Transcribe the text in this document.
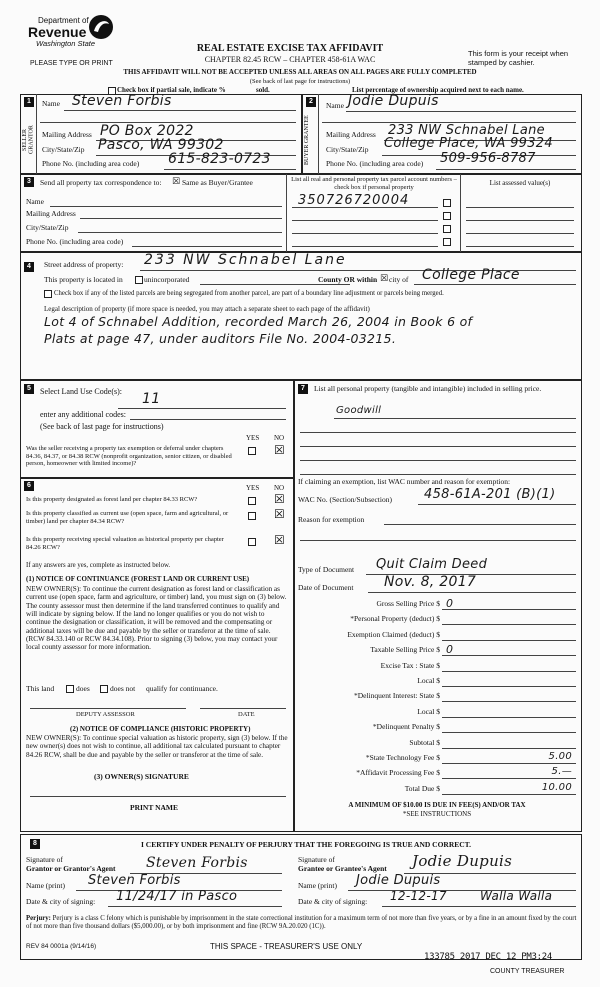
Department of
Revenue
Washington State
PLEASE TYPE OR PRINT
REAL ESTATE EXCISE TAX AFFIDAVIT
CHAPTER 82.45 RCW – CHAPTER 458-61A WAC
This form is your receipt when stamped by cashier.
THIS AFFIDAVIT WILL NOT BE ACCEPTED UNLESS ALL AREAS ON ALL PAGES ARE FULLY COMPLETED
(See back of last page for instructions)
Check box if partial sale, indicate %	sold.	List percentage of ownership acquired next to each name.
1
SELLER GRANTOR
Name Steven Forbis
Mailing Address PO Box 2022
City/State/Zip Pasco, WA 99302
Phone No. (including area code) 615-823-0723
2
BUYER GRANTEE
Name Jodie Dupuis
Mailing Address 233 NW Schnabel Lane
City/State/Zip College Place, WA 99324
Phone No. (including area code) 509-956-8787
3	Send all property tax correspondence to: ☒ Same as Buyer/Grantee
Name
Mailing Address
City/State/Zip
Phone No. (including area code)
List all real and personal property tax parcel account numbers – check box if personal property
List assessed value(s)
350726720004
4	Street address of property: 233 NW Schnabel Lane
This property is located in	unincorporated	County OR within ☒ city of College Place
Check box if any of the listed parcels are being segregated from another parcel, are part of a boundary line adjustment or parcels being merged.
Legal description of property (if more space is needed, you may attach a separate sheet to each page of the affidavit)
Lot 4 of Schnabel Addition, recorded March 26, 2004 in Book 6 of
Plats at page 47, under auditors File No. 2004-03215.
5	Select Land Use Code(s): 11
enter any additional codes:
(See back of last page for instructions)
YES NO
Was the seller receiving a property tax exemption or deferral under chapters 84.36, 84.37, or 84.38 RCW (nonprofit organization, senior citizen, or disabled person, homeowner with limited income)?
☒
6	YES NO
Is this property designated as forest land per chapter 84.33 RCW?	☒
Is this property classified as current use (open space, farm and agricultural, or timber) land per chapter 84.34 RCW?
☒
Is this property receiving special valuation as historical property per chapter 84.26 RCW?
☒
If any answers are yes, complete as instructed below.
(1) NOTICE OF CONTINUANCE (FOREST LAND OR CURRENT USE)
NEW OWNER(S): To continue the current designation as forest land or classification as current use (open space, farm and agriculture, or timber) land, you must sign on (3) below. The county assessor must then determine if the land transferred continues to qualify and will indicate by signing below. If the land no longer qualifies or you do not wish to continue the designation or classification, it will be removed and the compensating or additional taxes will be due and payable by the seller or transferor at the time of sale. (RCW 84.33.140 or RCW 84.34.108). Prior to signing (3) below, you may contact your local county assessor for more information.
This land	does	does not qualify for continuance.
DEPUTY ASSESSOR	DATE
(2) NOTICE OF COMPLIANCE (HISTORIC PROPERTY)
NEW OWNER(S): To continue special valuation as historic property, sign (3) below. If the new owner(s) does not wish to continue, all additional tax calculated pursuant to chapter 84.26 RCW, shall be due and payable by the seller or transferor at the time of sale.
(3) OWNER(S) SIGNATURE
PRINT NAME
7	List all personal property (tangible and intangible) included in selling price.
Goodwill
If claiming an exemption, list WAC number and reason for exemption:
WAC No. (Section/Subsection) 458-61A-201 (B)(1)
Reason for exemption
Type of Document Quit Claim Deed
Date of Document Nov. 8, 2017
Gross Selling Price $ 0
*Personal Property (deduct) $
Exemption Claimed (deduct) $
Taxable Selling Price $ 0
Excise Tax : State $
Local $
*Delinquent Interest: State $
Local $
*Delinquent Penalty $
Subtotal $
*State Technology Fee $	5.00
*Affidavit Processing Fee $	5.—
Total Due $	10.00
A MINIMUM OF $10.00 IS DUE IN FEE(S) AND/OR TAX
*SEE INSTRUCTIONS
8	I CERTIFY UNDER PENALTY OF PERJURY THAT THE FOREGOING IS TRUE AND CORRECT.
Signature of
Grantor or Grantor's Agent Steven Forbis
Name (print) Steven Forbis
Date & city of signing: 11/24/17 in Pasco
Signature of
Grantee or Grantee's Agent Jodie Dupuis
Name (print) Jodie Dupuis
Date & city of signing: 12-12-17	Walla Walla
Perjury: Perjury is a class C felony which is punishable by imprisonment in the state correctional institution for a maximum term of not more than five years, or by a fine in an amount fixed by the court of not more than five thousand dollars ($5,000.00), or by both imprisonment and fine (RCW 9A.20.020 (1C)).
REV 84 0001a (9/14/16)	THIS SPACE - TREASURER'S USE ONLY
133785 2017 DEC 12 PM3:24
COUNTY TREASURER
